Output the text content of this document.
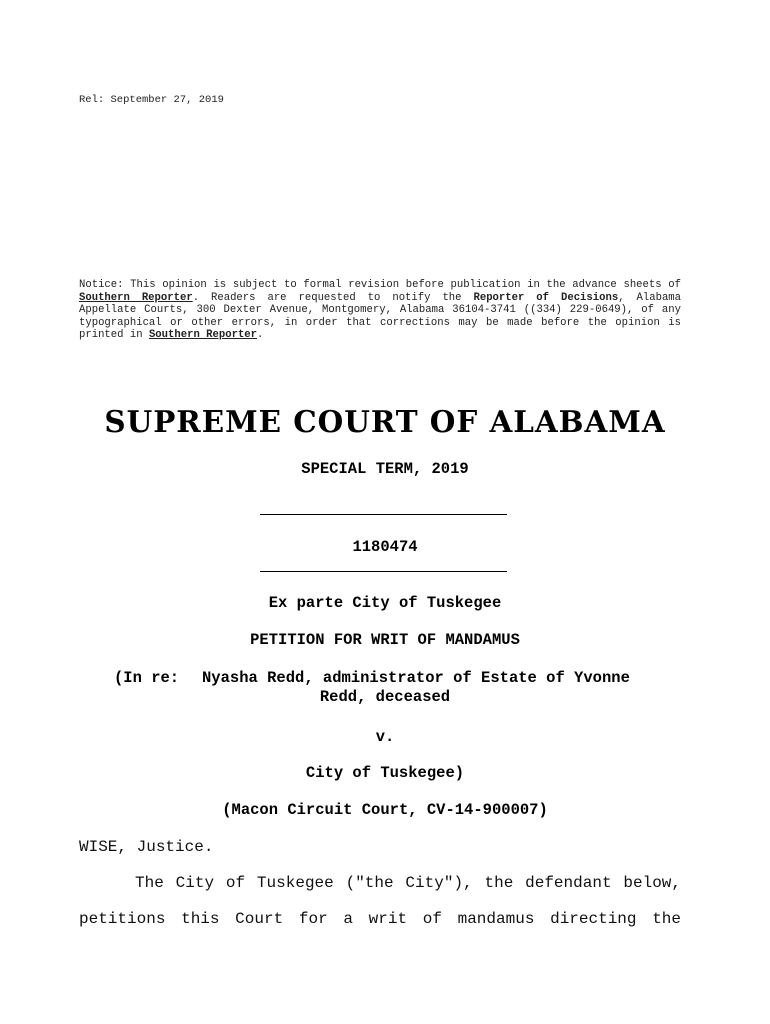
Rel: September 27, 2019
Notice: This opinion is subject to formal revision before publication in the advance sheets of Southern Reporter. Readers are requested to notify the Reporter of Decisions, Alabama Appellate Courts, 300 Dexter Avenue, Montgomery, Alabama 36104-3741 ((334) 229-0649), of any typographical or other errors, in order that corrections may be made before the opinion is printed in Southern Reporter.
SUPREME COURT OF ALABAMA
SPECIAL TERM, 2019
1180474
Ex parte City of Tuskegee
PETITION FOR WRIT OF MANDAMUS
(In re: Nyasha Redd, administrator of Estate of Yvonne
Redd, deceased
v.
City of Tuskegee)
(Macon Circuit Court, CV-14-900007)
WISE, Justice.
The City of Tuskegee ("the City"), the defendant below,
petitions this Court for a writ of mandamus directing the
